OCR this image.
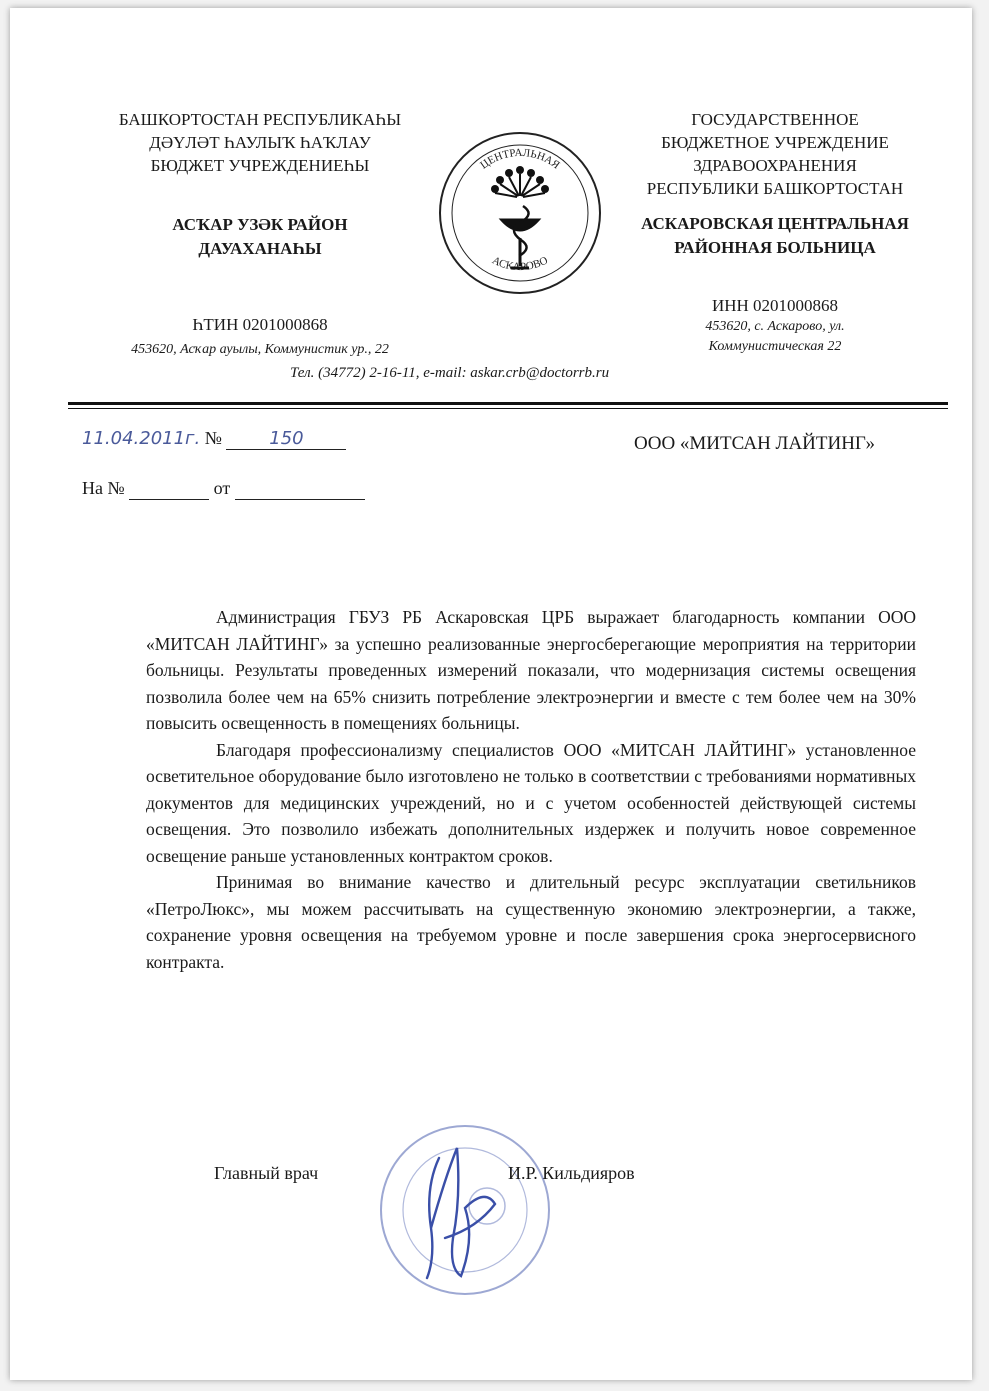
БАШКОРТОСТАН РЕСПУБЛИКАҺЫ
ДӘҮЛӘТ ҺАУЛЫҠ ҺАҠЛАУ
БЮДЖЕТ УЧРЕЖДЕНИЕҺЫ
АСҠАР УЗӘК РАЙОН
ДАУАХАНАҺЫ
ҺТИН 0201000868
453620, Асҡар ауылы, Коммунистик ур., 22
ЦЕНТРАЛЬНАЯ
АСКАРОВО
ГОСУДАРСТВЕННОЕ
БЮДЖЕТНОЕ УЧРЕЖДЕНИЕ
ЗДРАВООХРАНЕНИЯ
РЕСПУБЛИКИ БАШКОРТОСТАН
АСКАРОВСКАЯ ЦЕНТРАЛЬНАЯ
РАЙОННАЯ БОЛЬНИЦА
ИНН 0201000868
453620, с. Аскарово, ул.
Коммунистическая 22
Тел. (34772) 2-16-11, e-mail: askar.crb@doctorrb.ru
11.04.2011г. №	150
На №	от
ООО «МИТСАН ЛАЙТИНГ»

Администрация ГБУЗ РБ Аскаровская ЦРБ выражает благодарность компании ООО «МИТСАН ЛАЙТИНГ» за успешно реализованные энергосберегающие мероприятия на территории больницы. Результаты проведенных измерений показали, что модернизация системы освещения позволила более чем на 65% снизить потребление электроэнергии и вместе с тем более чем на 30% повысить освещенность в помещениях больницы.

Благодаря профессионализму специалистов ООО «МИТСАН ЛАЙТИНГ» установленное осветительное оборудование было изготовлено не только в соответствии с требованиями нормативных документов для медицинских учреждений, но и с учетом особенностей действующей системы освещения. Это позволило избежать дополнительных издержек и получить новое современное освещение раньше установленных контрактом сроков.

Принимая во внимание качество и длительный ресурс эксплуатации светильников «ПетроЛюкс», мы можем рассчитывать на существенную экономию электроэнергии, а также, сохранение уровня освещения на требуемом уровне и после завершения срока энергосервисного контракта.

Главный врач	И.Р. Кильдияров
